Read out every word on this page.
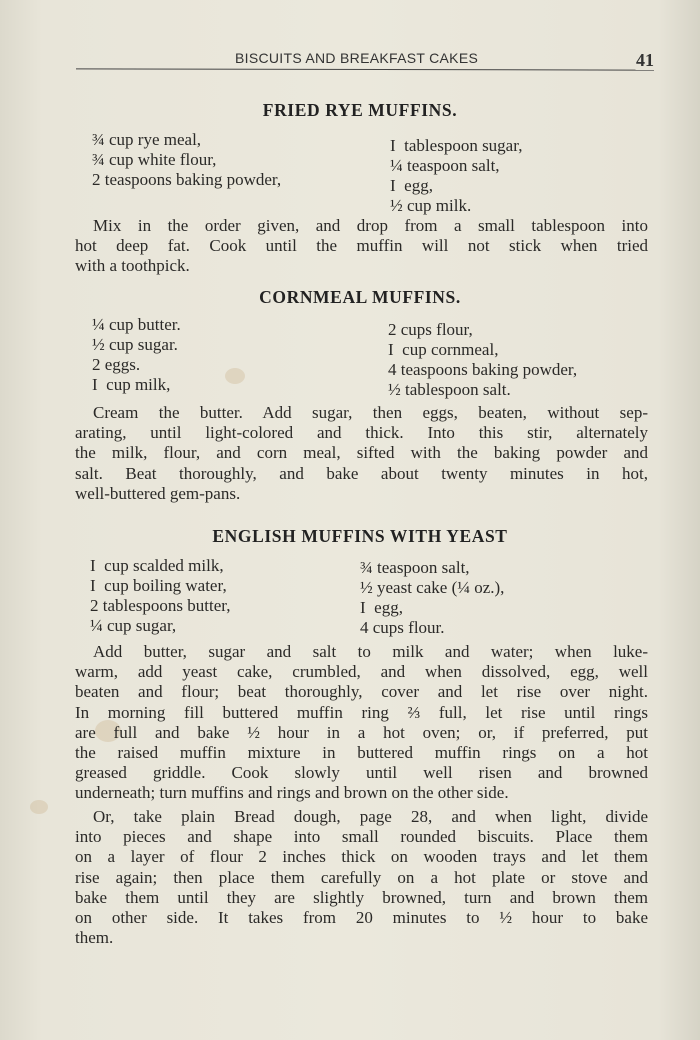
BISCUITS AND BREAKFAST CAKES	41
FRIED RYE MUFFINS.
¾ cup rye meal,
¾ cup white flour,
2 teaspoons baking powder,
I  tablespoon sugar,
¼ teaspoon salt,
I  egg,
½ cup milk.
Mix in the order given, and drop from a small tablespoon into
hot deep fat. Cook until the muffin will not stick when tried
with a toothpick.
CORNMEAL MUFFINS.
¼ cup butter.
½ cup sugar.
2 eggs.
I  cup milk,
2 cups flour,
I  cup cornmeal,
4 teaspoons baking powder,
½ tablespoon salt.
Cream the butter. Add sugar, then eggs, beaten, without sep-
arating, until light-colored and thick. Into this stir, alternately
the milk, flour, and corn meal, sifted with the baking powder and
salt. Beat thoroughly, and bake about twenty minutes in hot,
well-buttered gem-pans.
ENGLISH MUFFINS WITH YEAST
I  cup scalded milk,
I  cup boiling water,
2 tablespoons butter,
¼ cup sugar,
¾ teaspoon salt,
½ yeast cake (¼ oz.),
I  egg,
4 cups flour.
Add butter, sugar and salt to milk and water; when luke-
warm, add yeast cake, crumbled, and when dissolved, egg, well
beaten and flour; beat thoroughly, cover and let rise over night.
In morning fill buttered muffin ring ⅔ full, let rise until rings
are full and bake ½ hour in a hot oven; or, if preferred, put
the raised muffin mixture in buttered muffin rings on a hot
greased griddle. Cook slowly until well risen and browned
underneath; turn muffins and rings and brown on the other side.
Or, take plain Bread dough, page 28, and when light, divide
into pieces and shape into small rounded biscuits. Place them
on a layer of flour 2 inches thick on wooden trays and let them
rise again; then place them carefully on a hot plate or stove and
bake them until they are slightly browned, turn and brown them
on other side. It takes from 20 minutes to ½ hour to bake
them.
